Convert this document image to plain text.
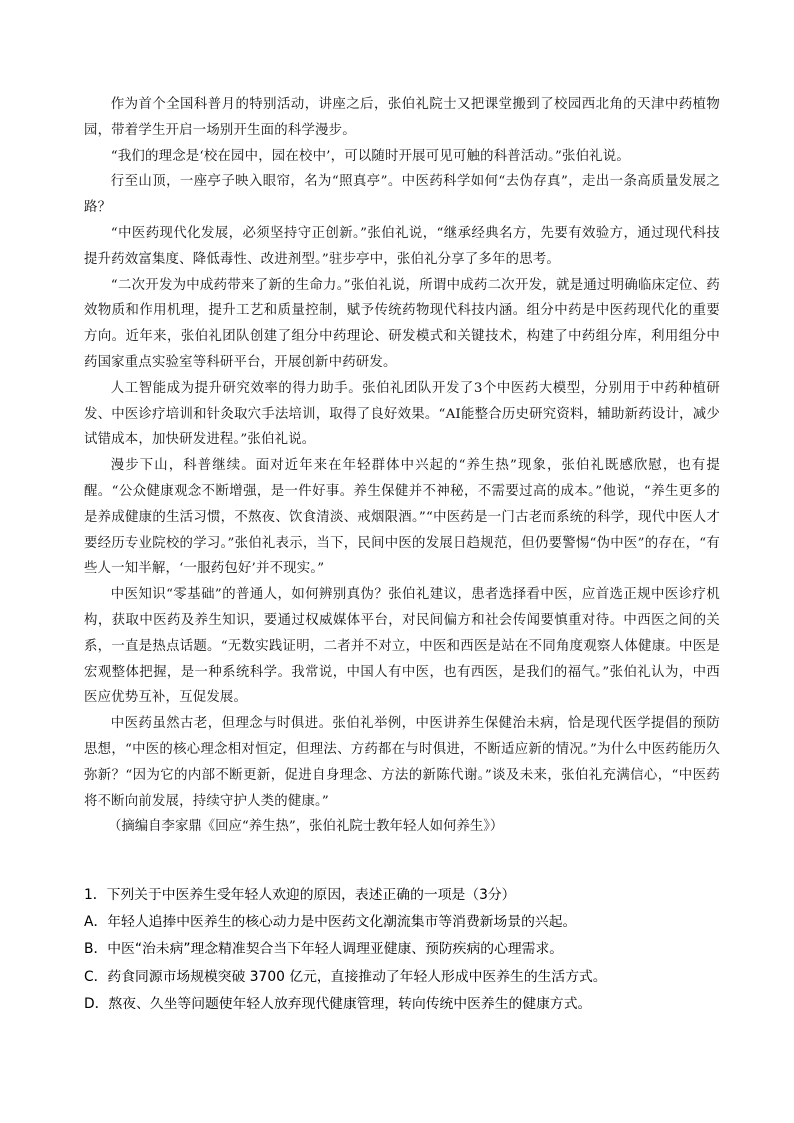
作为首个全国科普月的特别活动，讲座之后，张伯礼院士又把课堂搬到了校园西北角的天津中药植物园，带着学生开启一场别开生面的科学漫步。

“我们的理念是‘校在园中，园在校中’，可以随时开展可见可触的科普活动。”张伯礼说。

行至山顶，一座亭子映入眼帘，名为“照真亭”。中医药科学如何“去伪存真”，走出一条高质量发展之路？

“中医药现代化发展，必须坚持守正创新。”张伯礼说，“继承经典名方，先要有效验方，通过现代科技提升药效富集度、降低毒性、改进剂型。”驻步亭中，张伯礼分享了多年的思考。

“二次开发为中成药带来了新的生命力。”张伯礼说，所谓中成药二次开发，就是通过明确临床定位、药效物质和作用机理，提升工艺和质量控制，赋予传统药物现代科技内涵。组分中药是中医药现代化的重要方向。近年来，张伯礼团队创建了组分中药理论、研发模式和关键技术，构建了中药组分库，利用组分中药国家重点实验室等科研平台，开展创新中药研发。

人工智能成为提升研究效率的得力助手。张伯礼团队开发了3个中医药大模型，分别用于中药种植研发、中医诊疗培训和针灸取穴手法培训，取得了良好效果。“AI能整合历史研究资料，辅助新药设计，减少试错成本，加快研发进程。”张伯礼说。

漫步下山，科普继续。面对近年来在年轻群体中兴起的“养生热”现象，张伯礼既感欣慰，也有提醒。“公众健康观念不断增强，是一件好事。养生保健并不神秘，不需要过高的成本。”他说，“养生更多的是养成健康的生活习惯，不熬夜、饮食清淡、戒烟限酒。”“中医药是一门古老而系统的科学，现代中医人才要经历专业院校的学习。”张伯礼表示，当下，民间中医的发展日趋规范，但仍要警惕“伪中医”的存在，“有些人一知半解，‘一服药包好’并不现实。”

中医知识“零基础”的普通人，如何辨别真伪？张伯礼建议，患者选择看中医，应首选正规中医诊疗机构，获取中医药及养生知识，要通过权威媒体平台，对民间偏方和社会传闻要慎重对待。中西医之间的关系，一直是热点话题。“无数实践证明，二者并不对立，中医和西医是站在不同角度观察人体健康。中医是宏观整体把握，是一种系统科学。我常说，中国人有中医，也有西医，是我们的福气。”张伯礼认为，中西医应优势互补，互促发展。

中医药虽然古老，但理念与时俱进。张伯礼举例，中医讲养生保健治未病，恰是现代医学提倡的预防思想，“中医的核心理念相对恒定，但理法、方药都在与时俱进，不断适应新的情况。”为什么中医药能历久弥新？“因为它的内部不断更新，促进自身理念、方法的新陈代谢。”谈及未来，张伯礼充满信心，“中医药将不断向前发展，持续守护人类的健康。”

（摘编自李家鼎《回应“养生热”，张伯礼院士教年轻人如何养生》）

1．下列关于中医养生受年轻人欢迎的原因，表述正确的一项是（3分）

A．年轻人追捧中医养生的核心动力是中医药文化潮流集市等消费新场景的兴起。

B．中医“治未病”理念精准契合当下年轻人调理亚健康、预防疾病的心理需求。

C．药食同源市场规模突破 3700 亿元，直接推动了年轻人形成中医养生的生活方式。

D．熬夜、久坐等问题使年轻人放弃现代健康管理，转向传统中医养生的健康方式。
